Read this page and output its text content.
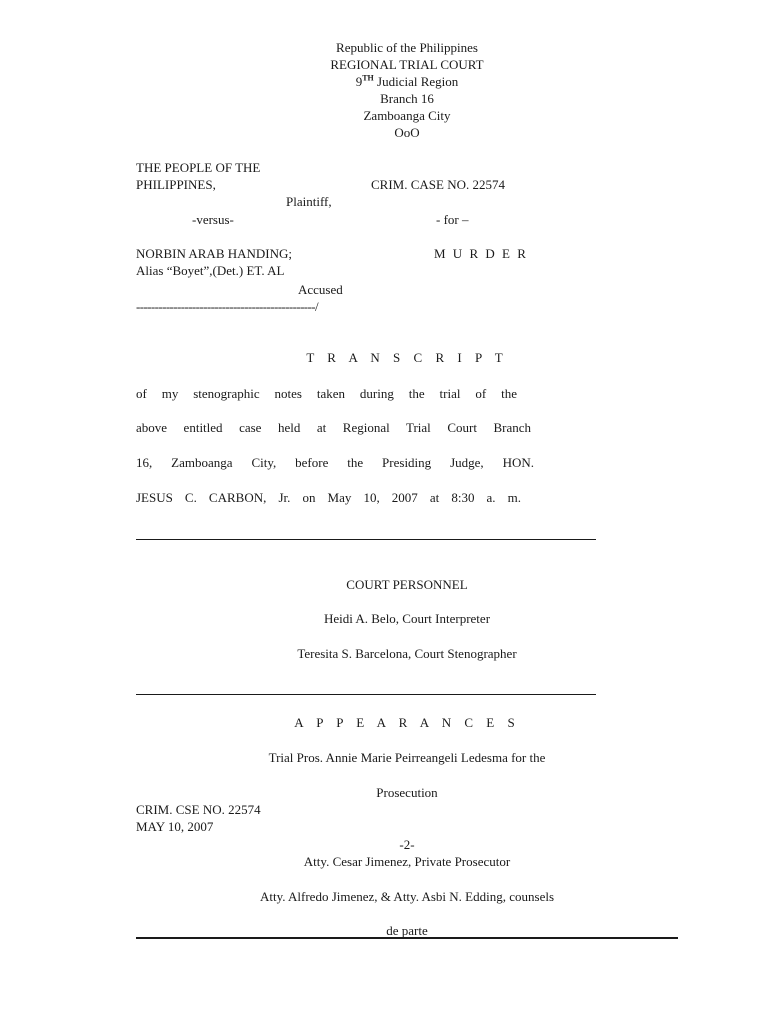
Republic of the Philippines
REGIONAL TRIAL COURT
9TH Judicial Region
Branch 16
Zamboanga City
OoO
THE PEOPLE OF THE
PHILIPPINES,	CRIM. CASE NO. 22574
Plaintiff,
-versus-	- for –
NORBIN ARAB HANDING;	M U R D E R
Alias “Boyet”,(Det.) ET. AL
Accused
------------------------------------------------/
T R A N S C R I P T
of my stenographic notes taken during the trial of the
above entitled case held at Regional Trial Court Branch
16, Zamboanga City, before the Presiding Judge, HON.
JESUS C. CARBON, Jr. on May 10, 2007 at 8:30 a. m.
COURT PERSONNEL
Heidi A. Belo, Court Interpreter
Teresita S. Barcelona, Court Stenographer
A P P E A R A N C E S
Trial Pros. Annie Marie Peirreangeli Ledesma for the
Prosecution
CRIM. CSE NO. 22574
MAY 10, 2007
-2-
Atty. Cesar Jimenez, Private Prosecutor
Atty. Alfredo Jimenez, & Atty. Asbi N. Edding, counsels
de parte
